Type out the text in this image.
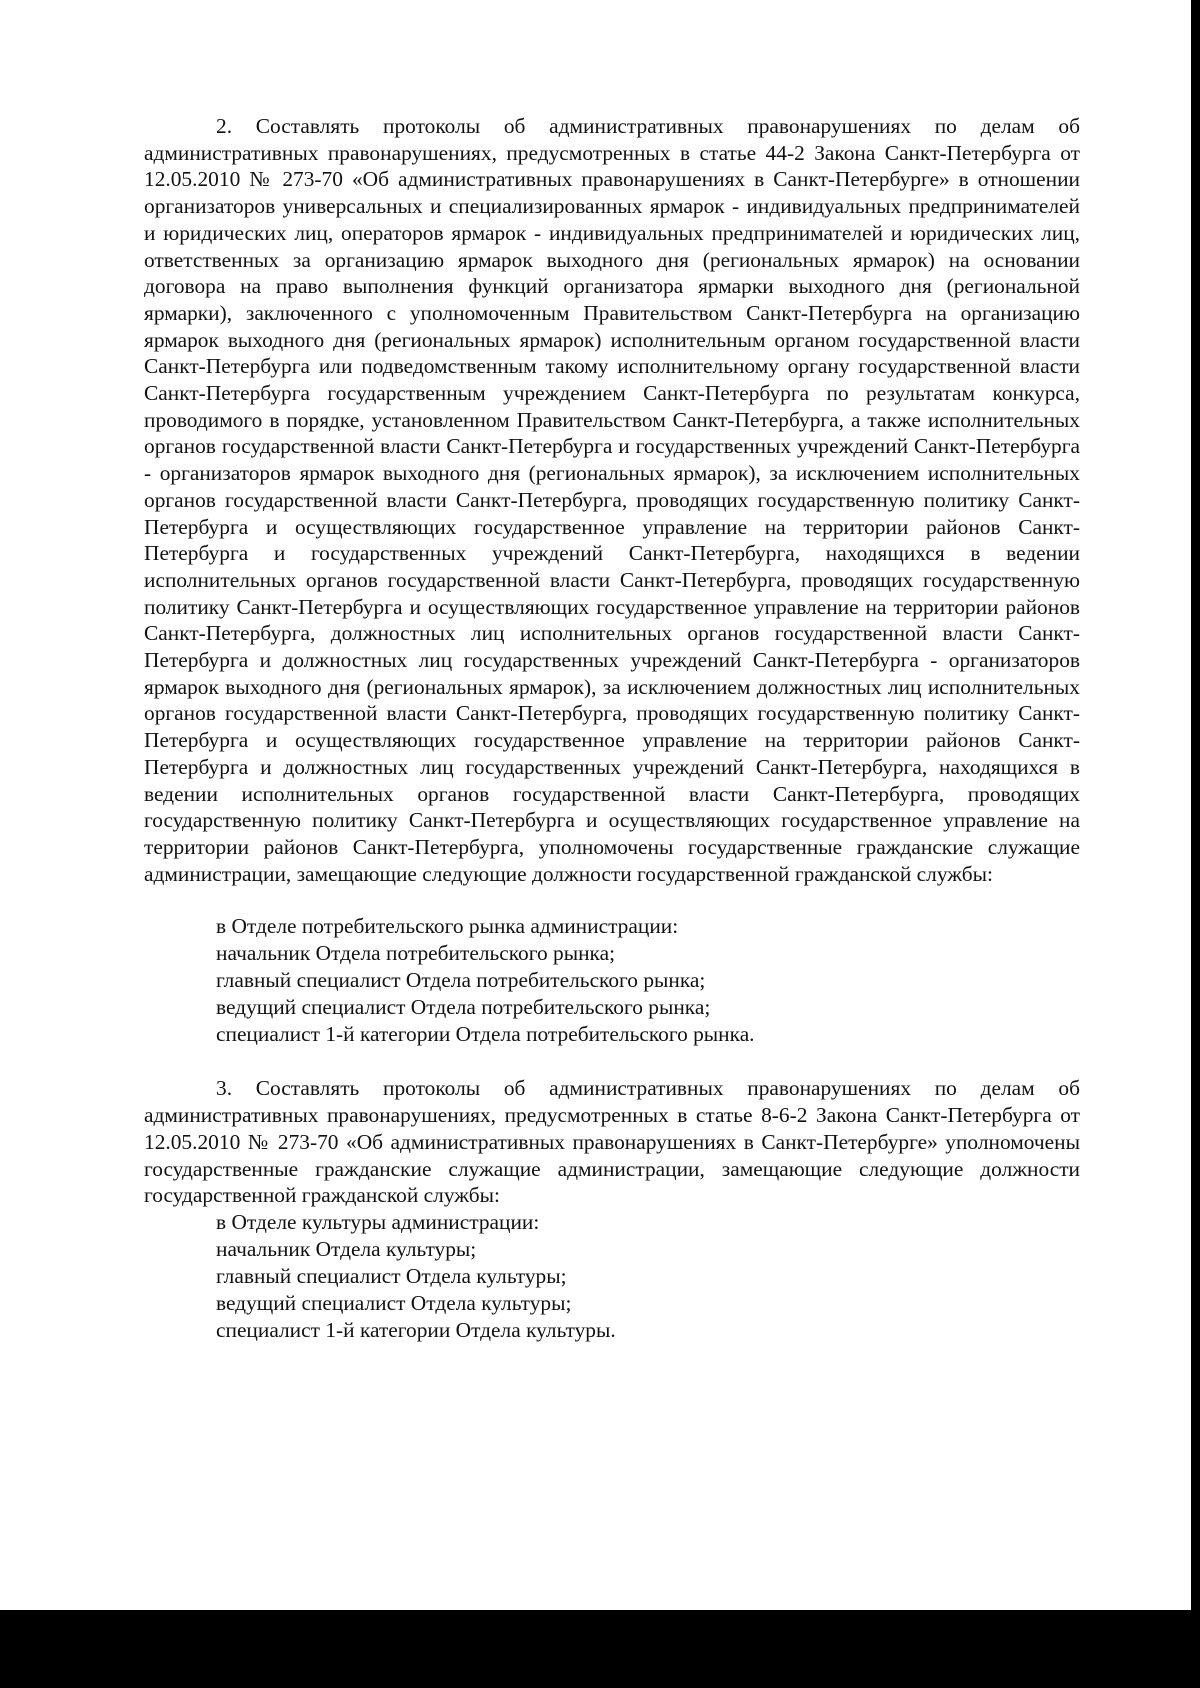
2. Составлять протоколы об административных правонарушениях по делам об административных правонарушениях, предусмотренных в статье 44-2 Закона Санкт-Петербурга от 12.05.2010 № 273-70 «Об административных правонарушениях в Санкт-Петербурге» в отношении организаторов универсальных и специализированных ярмарок - индивидуальных предпринимателей и юридических лиц, операторов ярмарок - индивидуальных предпринимателей и юридических лиц, ответственных за организацию ярмарок выходного дня (региональных ярмарок) на основании договора на право выполнения функций организатора ярмарки выходного дня (региональной ярмарки), заключенного с уполномоченным Правительством Санкт-Петербурга на организацию ярмарок выходного дня (региональных ярмарок) исполнительным органом государственной власти Санкт-Петербурга или подведомственным такому исполнительному органу государственной власти Санкт-Петербурга государственным учреждением Санкт-Петербурга по результатам конкурса, проводимого в порядке, установленном Правительством Санкт-Петербурга, а также исполнительных органов государственной власти Санкт-Петербурга и государственных учреждений Санкт-Петербурга - организаторов ярмарок выходного дня (региональных ярмарок), за исключением исполнительных органов государственной власти Санкт-Петербурга, проводящих государственную политику Санкт-Петербурга и осуществляющих государственное управление на территории районов Санкт-Петербурга и государственных учреждений Санкт-Петербурга, находящихся в ведении исполнительных органов государственной власти Санкт-Петербурга, проводящих государственную политику Санкт-Петербурга и осуществляющих государственное управление на территории районов Санкт-Петербурга, должностных лиц исполнительных органов государственной власти Санкт-Петербурга и должностных лиц государственных учреждений Санкт-Петербурга - организаторов ярмарок выходного дня (региональных ярмарок), за исключением должностных лиц исполнительных органов государственной власти Санкт-Петербурга, проводящих государственную политику Санкт-Петербурга и осуществляющих государственное управление на территории районов Санкт-Петербурга и должностных лиц государственных учреждений Санкт-Петербурга, находящихся в ведении исполнительных органов государственной власти Санкт-Петербурга, проводящих государственную политику Санкт-Петербурга и осуществляющих государственное управление на территории районов Санкт-Петербурга, уполномочены государственные гражданские служащие администрации, замещающие следующие должности государственной гражданской службы:

в Отделе потребительского рынка администрации:
начальник Отдела потребительского рынка;
главный специалист Отдела потребительского рынка;
ведущий специалист Отдела потребительского рынка;
специалист 1-й категории Отдела потребительского рынка.

3. Составлять протоколы об административных правонарушениях по делам об административных правонарушениях, предусмотренных в статье 8-6-2 Закона Санкт-Петербурга от 12.05.2010 № 273-70 «Об административных правонарушениях в Санкт-Петербурге» уполномочены государственные гражданские служащие администрации, замещающие следующие должности государственной гражданской службы:

в Отделе культуры администрации:
начальник Отдела культуры;
главный специалист Отдела культуры;
ведущий специалист Отдела культуры;
специалист 1-й категории Отдела культуры.
